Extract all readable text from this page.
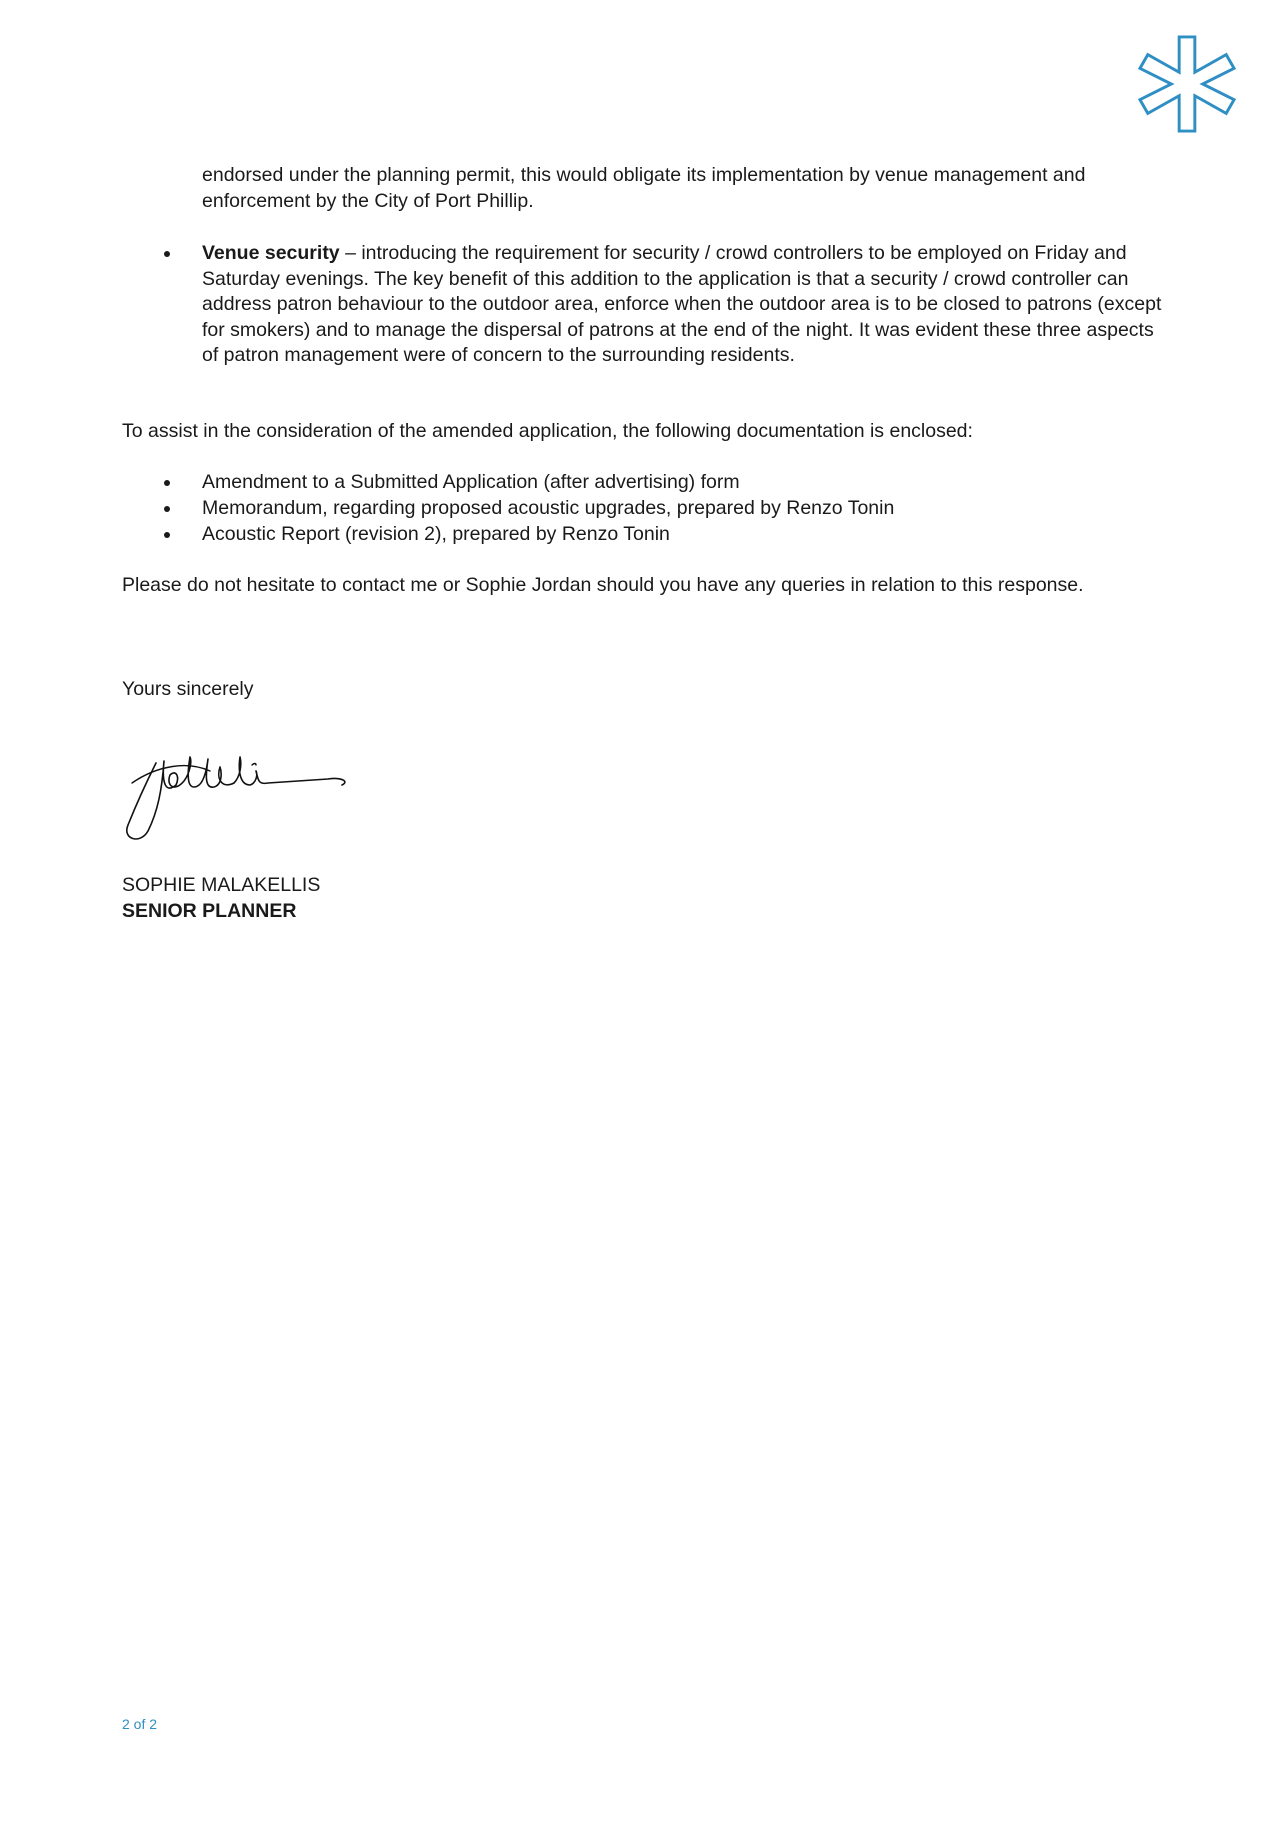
endorsed under the planning permit, this would obligate its implementation by venue management and enforcement by the City of Port Phillip.

Venue security – introducing the requirement for security / crowd controllers to be employed on Friday and Saturday evenings. The key benefit of this addition to the application is that a security / crowd controller can address patron behaviour to the outdoor area, enforce when the outdoor area is to be closed to patrons (except for smokers) and to manage the dispersal of patrons at the end of the night. It was evident these three aspects of patron management were of concern to the surrounding residents.

To assist in the consideration of the amended application, the following documentation is enclosed:

Amendment to a Submitted Application (after advertising) form
Memorandum, regarding proposed acoustic upgrades, prepared by Renzo Tonin
Acoustic Report (revision 2), prepared by Renzo Tonin

Please do not hesitate to contact me or Sophie Jordan should you have any queries in relation to this response.

Yours sincerely

SOPHIE MALAKELLIS

SENIOR PLANNER

2 of 2
